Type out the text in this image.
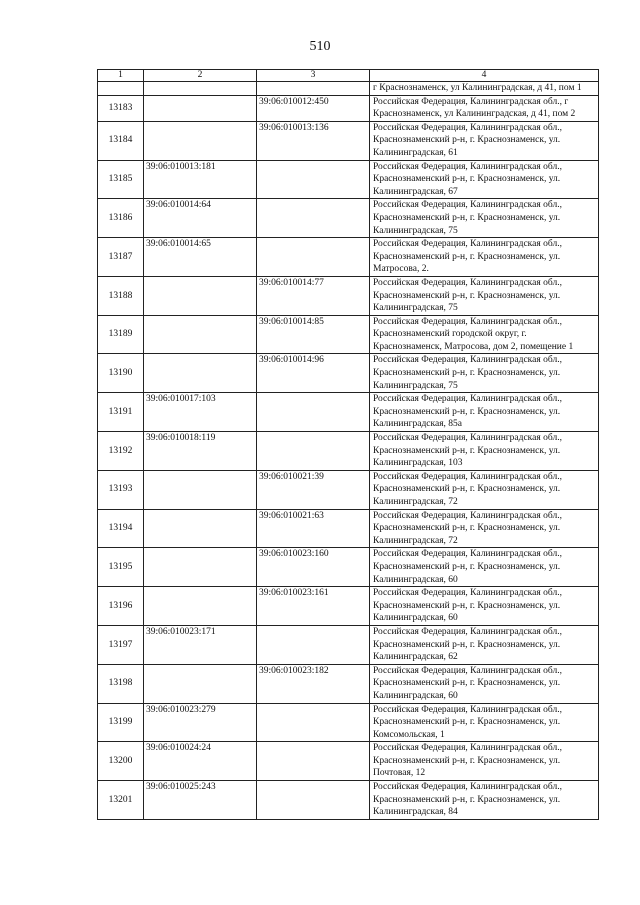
510
1	2	3	4
			г Краснознаменск, ул Калининградская, д 41, пом 1
13183		39:06:010012:450	Российская Федерация, Калининградская обл., г Краснознаменск, ул Калининградская, д 41, пом 2
13184		39:06:010013:136	Российская Федерация, Калининградская обл., Краснознаменский р-н, г. Краснознаменск, ул. Калининградская, 61
13185	39:06:010013:181		Российская Федерация, Калининградская обл., Краснознаменский р-н, г. Краснознаменск, ул. Калининградская, 67
13186	39:06:010014:64		Российская Федерация, Калининградская обл., Краснознаменский р-н, г. Краснознаменск, ул. Калининградская, 75
13187	39:06:010014:65		Российская Федерация, Калининградская обл., Краснознаменский р-н, г. Краснознаменск, ул. Матросова, 2.
13188		39:06:010014:77	Российская Федерация, Калининградская обл., Краснознаменский р-н, г. Краснознаменск, ул. Калининградская, 75
13189		39:06:010014:85	Российская Федерация, Калининградская обл., Краснознаменский городской округ, г. Краснознаменск, Матросова, дом 2, помещение 1
13190		39:06:010014:96	Российская Федерация, Калининградская обл., Краснознаменский р-н, г. Краснознаменск, ул. Калининградская, 75
13191	39:06:010017:103		Российская Федерация, Калининградская обл., Краснознаменский р-н, г. Краснознаменск, ул. Калининградская, 85а
13192	39:06:010018:119		Российская Федерация, Калининградская обл., Краснознаменский р-н, г. Краснознаменск, ул. Калининградская, 103
13193		39:06:010021:39	Российская Федерация, Калининградская обл., Краснознаменский р-н, г. Краснознаменск, ул. Калининградская, 72
13194		39:06:010021:63	Российская Федерация, Калининградская обл., Краснознаменский р-н, г. Краснознаменск, ул. Калининградская, 72
13195		39:06:010023:160	Российская Федерация, Калининградская обл., Краснознаменский р-н, г. Краснознаменск, ул. Калининградская, 60
13196		39:06:010023:161	Российская Федерация, Калининградская обл., Краснознаменский р-н, г. Краснознаменск, ул. Калининградская, 60
13197	39:06:010023:171		Российская Федерация, Калининградская обл., Краснознаменский р-н, г. Краснознаменск, ул. Калининградская, 62
13198		39:06:010023:182	Российская Федерация, Калининградская обл., Краснознаменский р-н, г. Краснознаменск, ул. Калининградская, 60
13199	39:06:010023:279		Российская Федерация, Калининградская обл., Краснознаменский р-н, г. Краснознаменск, ул. Комсомольская, 1
13200	39:06:010024:24		Российская Федерация, Калининградская обл., Краснознаменский р-н, г. Краснознаменск, ул. Почтовая, 12
13201	39:06:010025:243		Российская Федерация, Калининградская обл., Краснознаменский р-н, г. Краснознаменск, ул. Калининградская, 84
